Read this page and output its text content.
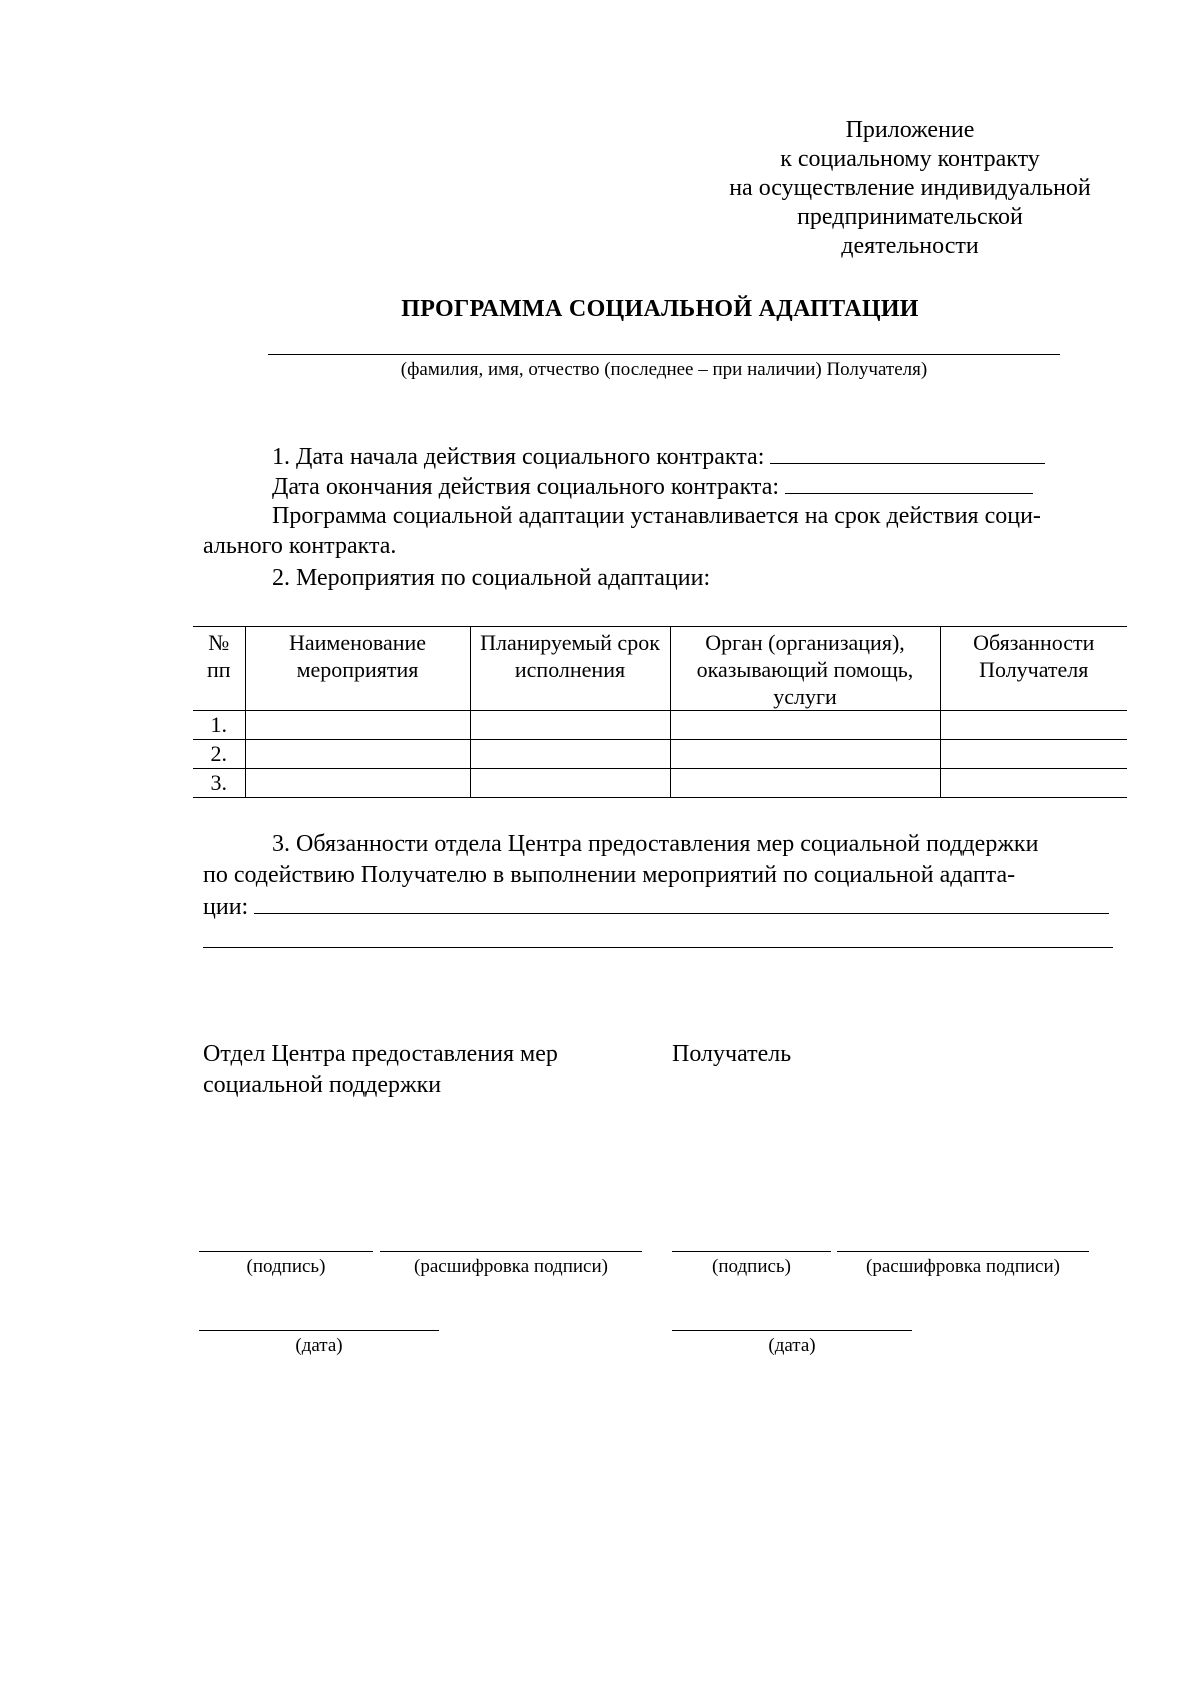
Приложение
к социальному контракту
на осуществление индивидуальной
предпринимательской
деятельности
ПРОГРАММА СОЦИАЛЬНОЙ АДАПТАЦИИ
(фамилия, имя, отчество (последнее – при наличии) Получателя)
1. Дата начала действия социального контракта:
Дата окончания действия социального контракта:
Программа социальной адаптации устанавливается на срок действия соци-
ального контракта.
2. Мероприятия по социальной адаптации:
№ пп	Наименование мероприятия	Планируемый срок исполнения	Орган (организация), оказывающий помощь, услуги	Обязанности Получателя
1.				
2.				
3.				
3. Обязанности отдела Центра предоставления мер социальной поддержки
по содействию Получателю в выполнении мероприятий по социальной адапта-
ции:
Отдел Центра предоставления мер
социальной поддержки
Получатель
(подпись)	(расшифровка подписи)	(подпись)	(расшифровка подписи)
(дата)	(дата)
